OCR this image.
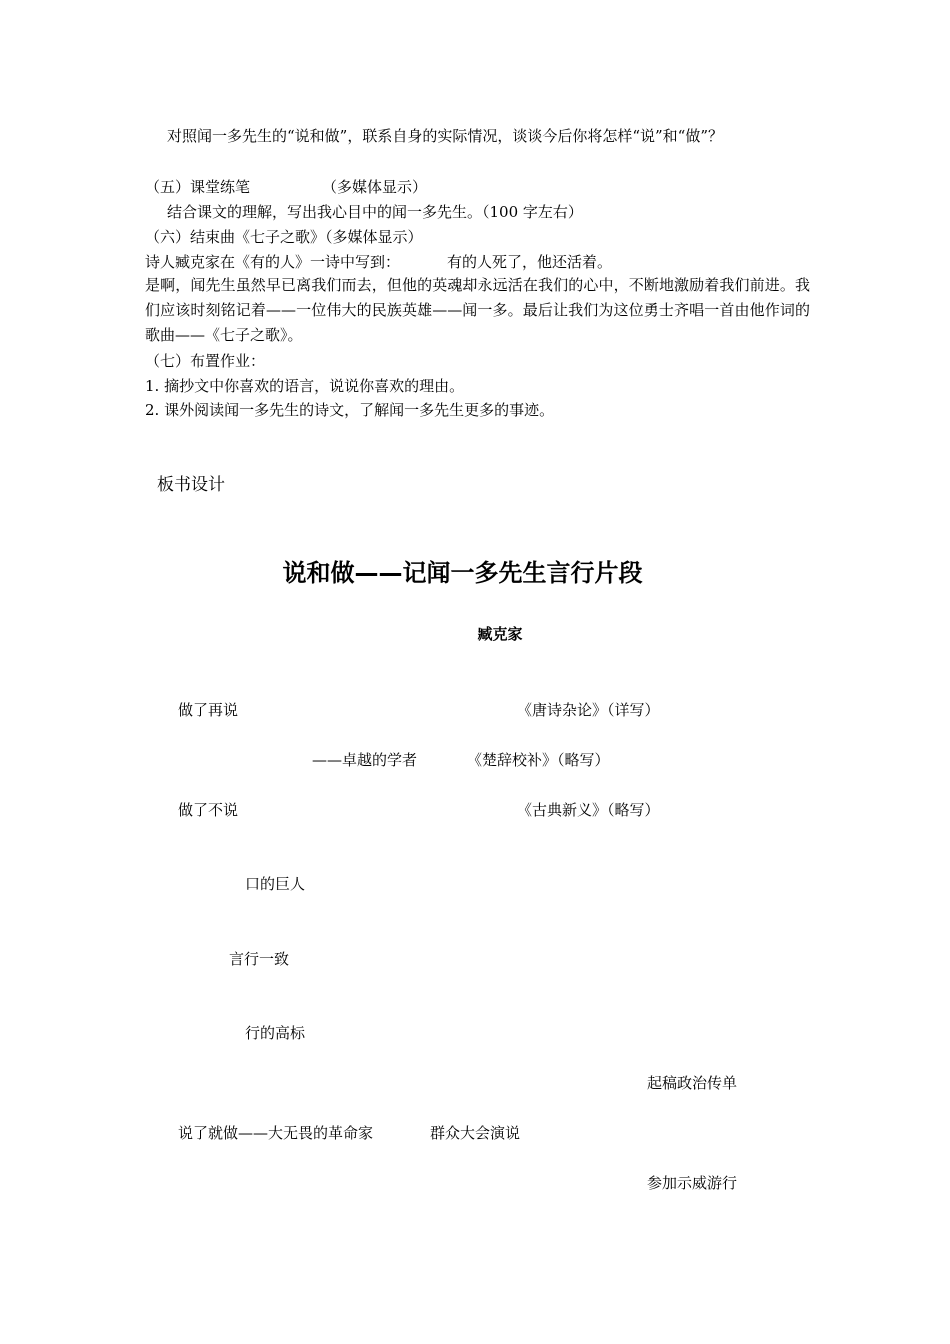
对照闻一多先生的“说和做”，联系自身的实际情况，谈谈今后你将怎样“说”和“做”？
（五）课堂练笔	（多媒体显示）
结合课文的理解，写出我心目中的闻一多先生。（100 字左右）
（六）结束曲《七子之歌》（多媒体显示）
诗人臧克家在《有的人》一诗中写到：	有的人死了，他还活着。
是啊，闻先生虽然早已离我们而去，但他的英魂却永远活在我们的心中，不断地激励着我们前进。我们应该时刻铭记着——一位伟大的民族英雄——闻一多。最后让我们为这位勇士齐唱一首由他作词的歌曲——《七子之歌》。
（七）布置作业：
1. 摘抄文中你喜欢的语言，说说你喜欢的理由。
2. 课外阅读闻一多先生的诗文，了解闻一多先生更多的事迹。
板书设计
说和做——记闻一多先生言行片段
臧克家
做了再说	《唐诗杂论》（详写）
——卓越的学者	《楚辞校补》（略写）
做了不说	《古典新义》（略写）
口的巨人
言行一致
行的高标
起稿政治传单
说了就做——大无畏的革命家	群众大会演说
参加示威游行
